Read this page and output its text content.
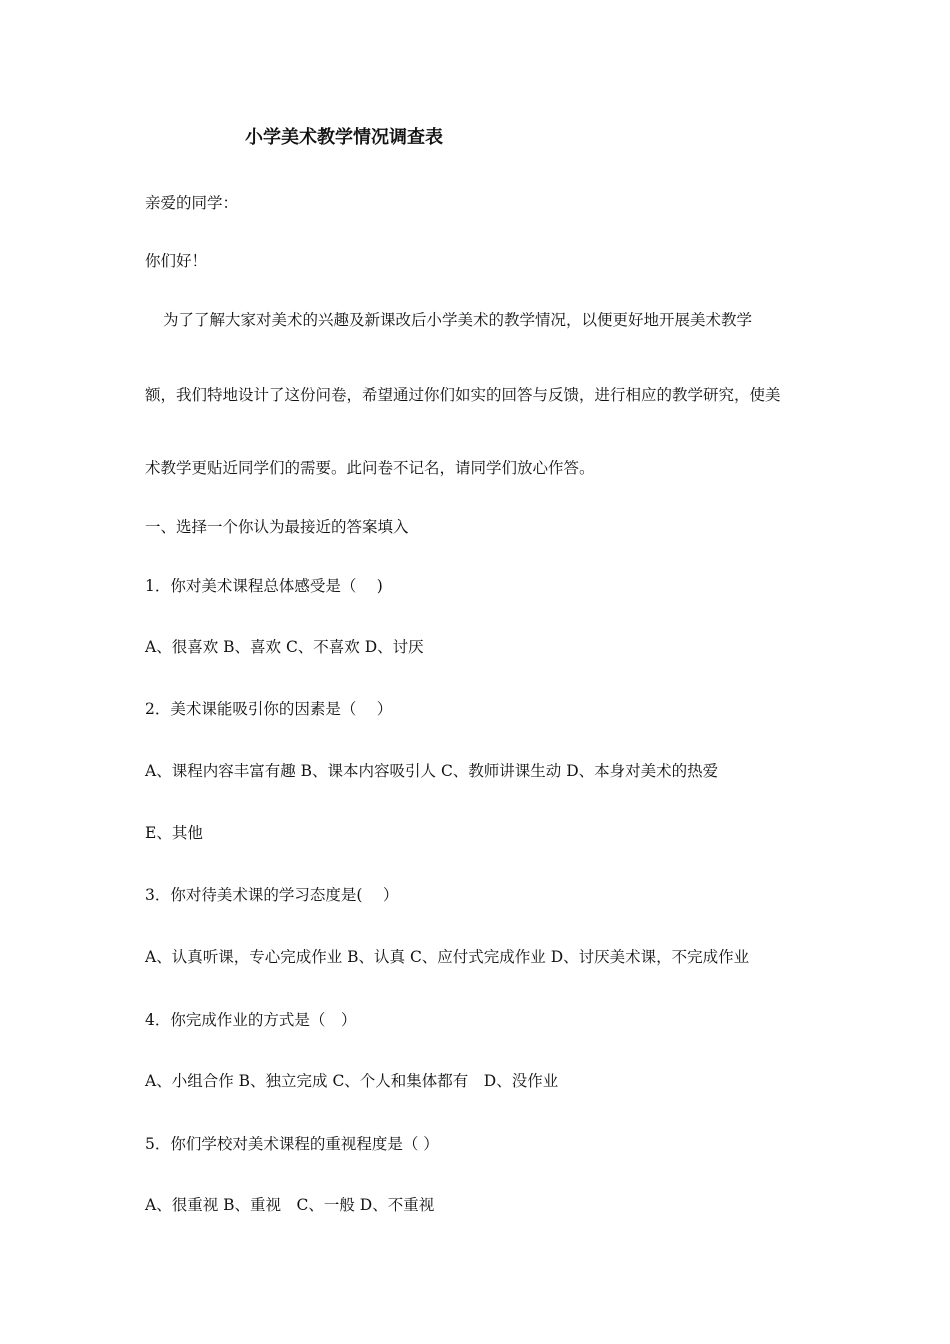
小学美术教学情况调查表
亲爱的同学：
你们好！
为了了解大家对美术的兴趣及新课改后小学美术的教学情况，以便更好地开展美术教学
额，我们特地设计了这份问卷，希望通过你们如实的回答与反馈，进行相应的教学研究，使美
术教学更贴近同学们的需要。此问卷不记名，请同学们放心作答。
一、选择一个你认为最接近的答案填入
1．你对美术课程总体感受是（　 )
A、很喜欢 B、喜欢 C、不喜欢 D、讨厌
2．美术课能吸引你的因素是（　 ）
A、课程内容丰富有趣 B、课本内容吸引人 C、教师讲课生动 D、本身对美术的热爱
E、其他
3．你对待美术课的学习态度是(　 ）
A、认真听课，专心完成作业 B、认真 C、应付式完成作业 D、讨厌美术课，不完成作业
4．你完成作业的方式是（　）
A、小组合作 B、独立完成 C、个人和集体都有　D、没作业
5．你们学校对美术课程的重视程度是（ ）
A、很重视 B、重视　C、一般 D、不重视
